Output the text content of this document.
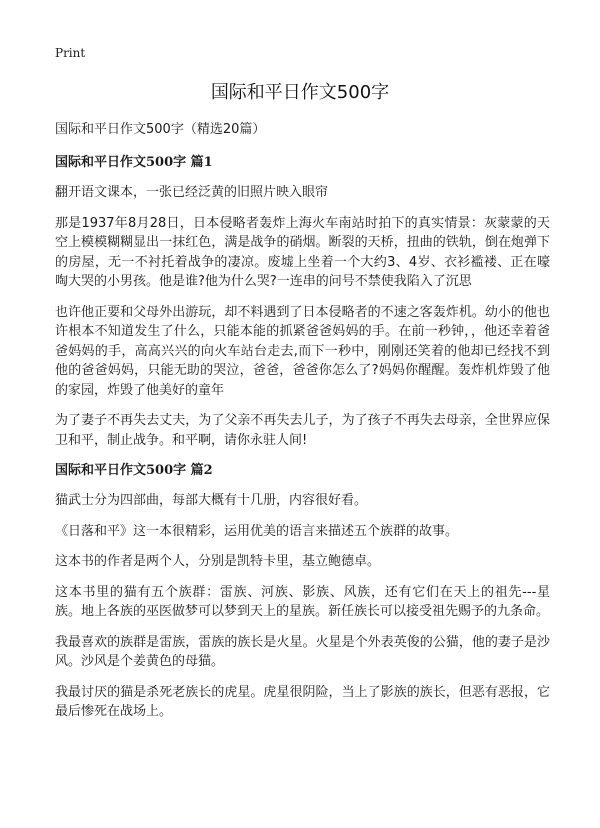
Print
国际和平日作文500字

国际和平日作文500字（精选20篇）

国际和平日作文500字 篇1

翻开语文课本，一张已经泛黄的旧照片映入眼帘

那是1937年8月28日，日本侵略者轰炸上海火车南站时拍下的真实情景：灰蒙蒙的天空上模模糊糊显出一抹红色，满是战争的硝烟。断裂的天桥，扭曲的铁轨，倒在炮弹下的房屋，无一不衬托着战争的凄凉。废墟上坐着一个大约3、4岁、衣衫褴褛、正在嚎啕大哭的小男孩。他是谁?他为什么哭?一连串的问号不禁使我陷入了沉思

也许他正要和父母外出游玩，却不料遇到了日本侵略者的不速之客轰炸机。幼小的他也许根本不知道发生了什么，只能本能的抓紧爸爸妈妈的手。在前一秒钟，，他还幸着爸爸妈妈的手，高高兴兴的向火车站台走去,而下一秒中，刚刚还笑着的他却已经找不到他的爸爸妈妈，只能无助的哭泣，爸爸，爸爸你怎么了?妈妈你醒醒。轰炸机炸毁了他的家园，炸毁了他美好的童年

为了妻子不再失去丈夫，为了父亲不再失去儿子，为了孩子不再失去母亲，全世界应保卫和平，制止战争。和平啊，请你永驻人间!

国际和平日作文500字 篇2

猫武士分为四部曲，每部大概有十几册，内容很好看。

《日落和平》这一本很精彩，运用优美的语言来描述五个族群的故事。

这本书的作者是两个人，分别是凯特卡里，基立鲍德卓。

这本书里的猫有五个族群：雷族、河族、影族、风族，还有它们在天上的祖先---星族。地上各族的巫医做梦可以梦到天上的星族。新任族长可以接受祖先赐予的九条命。

我最喜欢的族群是雷族，雷族的族长是火星。火星是个外表英俊的公猫，他的妻子是沙风。沙风是个姜黄色的母猫。

我最讨厌的猫是杀死老族长的虎星。虎星很阴险，当上了影族的族长，但恶有恶报，它最后惨死在战场上。
